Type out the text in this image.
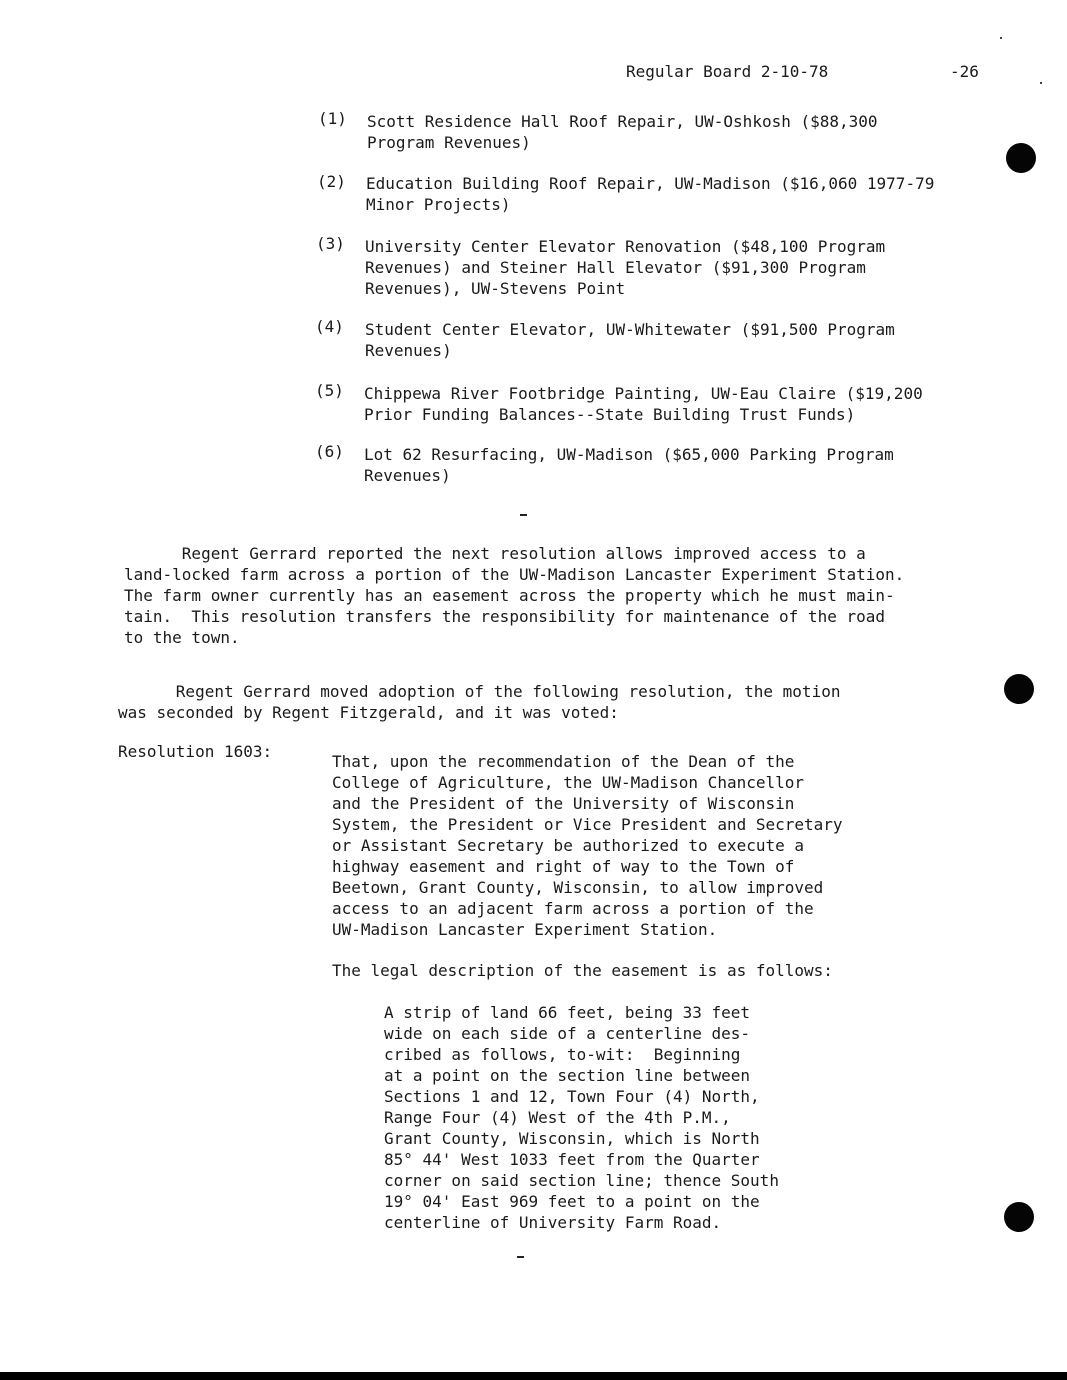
Regular Board 2-10-78	-26
(1) Scott Residence Hall Roof Repair, UW-Oshkosh ($88,300
Program Revenues)
(2) Education Building Roof Repair, UW-Madison ($16,060 1977-79
Minor Projects)
(3) University Center Elevator Renovation ($48,100 Program
Revenues) and Steiner Hall Elevator ($91,300 Program
Revenues), UW-Stevens Point
(4) Student Center Elevator, UW-Whitewater ($91,500 Program
Revenues)
(5) Chippewa River Footbridge Painting, UW-Eau Claire ($19,200
Prior Funding Balances--State Building Trust Funds)
(6) Lot 62 Resurfacing, UW-Madison ($65,000 Parking Program
Revenues)
Regent Gerrard reported the next resolution allows improved access to a
land-locked farm across a portion of the UW-Madison Lancaster Experiment Station.
The farm owner currently has an easement across the property which he must main-
tain.  This resolution transfers the responsibility for maintenance of the road
to the town.
Regent Gerrard moved adoption of the following resolution, the motion
was seconded by Regent Fitzgerald, and it was voted:
Resolution 1603:
That, upon the recommendation of the Dean of the
College of Agriculture, the UW-Madison Chancellor
and the President of the University of Wisconsin
System, the President or Vice President and Secretary
or Assistant Secretary be authorized to execute a
highway easement and right of way to the Town of
Beetown, Grant County, Wisconsin, to allow improved
access to an adjacent farm across a portion of the
UW-Madison Lancaster Experiment Station.
The legal description of the easement is as follows:
A strip of land 66 feet, being 33 feet
wide on each side of a centerline des-
cribed as follows, to-wit:  Beginning
at a point on the section line between
Sections 1 and 12, Town Four (4) North,
Range Four (4) West of the 4th P.M.,
Grant County, Wisconsin, which is North
85° 44' West 1033 feet from the Quarter
corner on said section line; thence South
19° 04' East 969 feet to a point on the
centerline of University Farm Road.
